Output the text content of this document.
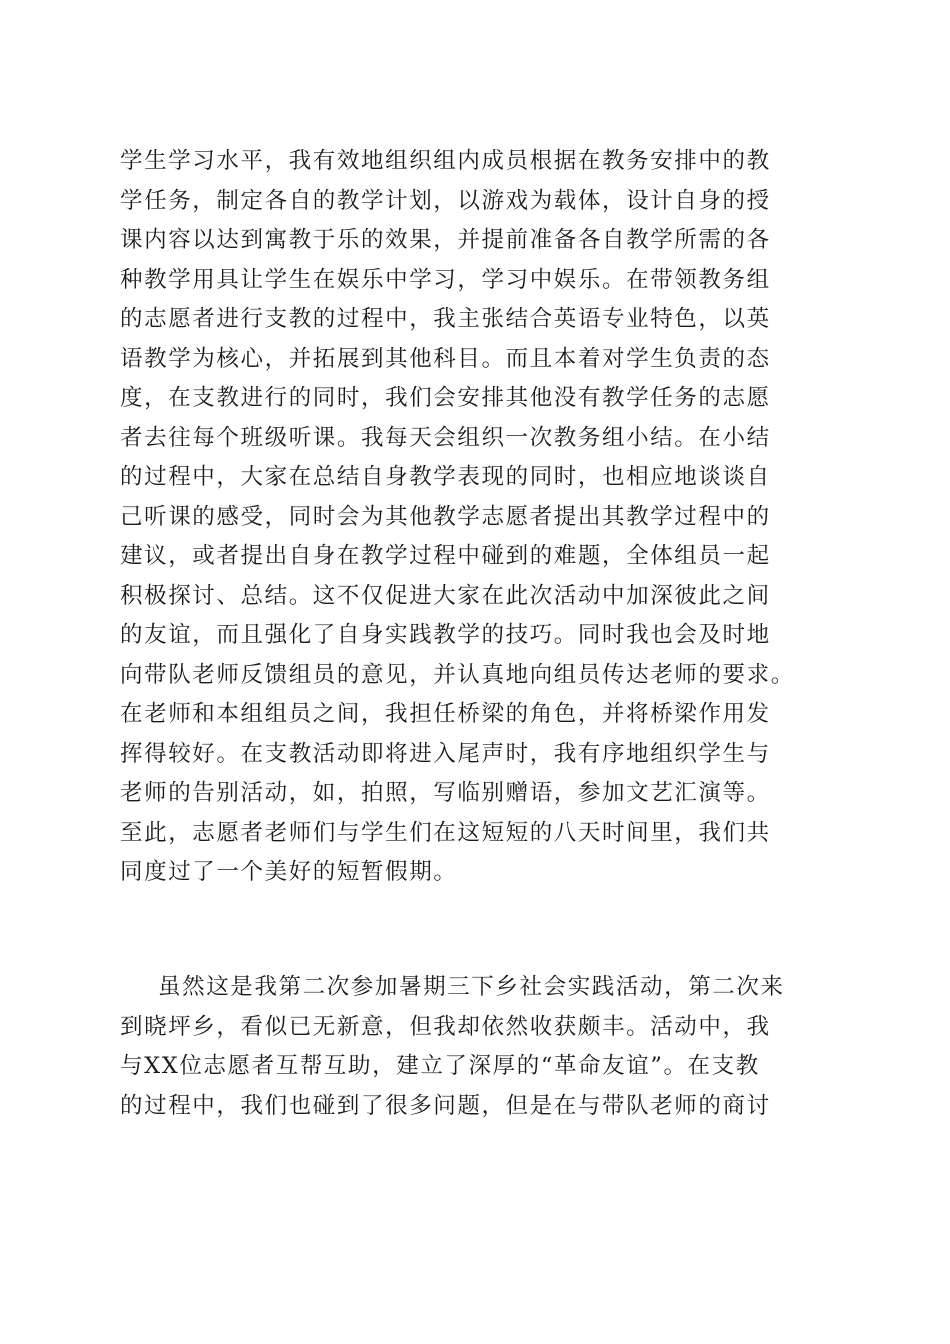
学生学习水平，我有效地组织组内成员根据在教务安排中的教
学任务，制定各自的教学计划，以游戏为载体，设计自身的授
课内容以达到寓教于乐的效果，并提前准备各自教学所需的各
种教学用具让学生在娱乐中学习，学习中娱乐。在带领教务组
的志愿者进行支教的过程中，我主张结合英语专业特色，以英
语教学为核心，并拓展到其他科目。而且本着对学生负责的态
度，在支教进行的同时，我们会安排其他没有教学任务的志愿
者去往每个班级听课。我每天会组织一次教务组小结。在小结
的过程中，大家在总结自身教学表现的同时，也相应地谈谈自
己听课的感受，同时会为其他教学志愿者提出其教学过程中的
建议，或者提出自身在教学过程中碰到的难题，全体组员一起
积极探讨、总结。这不仅促进大家在此次活动中加深彼此之间
的友谊，而且强化了自身实践教学的技巧。同时我也会及时地
向带队老师反馈组员的意见，并认真地向组员传达老师的要求。
在老师和本组组员之间，我担任桥梁的角色，并将桥梁作用发
挥得较好。在支教活动即将进入尾声时，我有序地组织学生与
老师的告别活动，如，拍照，写临别赠语，参加文艺汇演等。
至此，志愿者老师们与学生们在这短短的八天时间里，我们共
同度过了一个美好的短暂假期。
虽然这是我第二次参加暑期三下乡社会实践活动，第二次来
到晓坪乡，看似已无新意，但我却依然收获颇丰。活动中，我
与XX位志愿者互帮互助，建立了深厚的“革命友谊”。在支教
的过程中，我们也碰到了很多问题，但是在与带队老师的商讨
